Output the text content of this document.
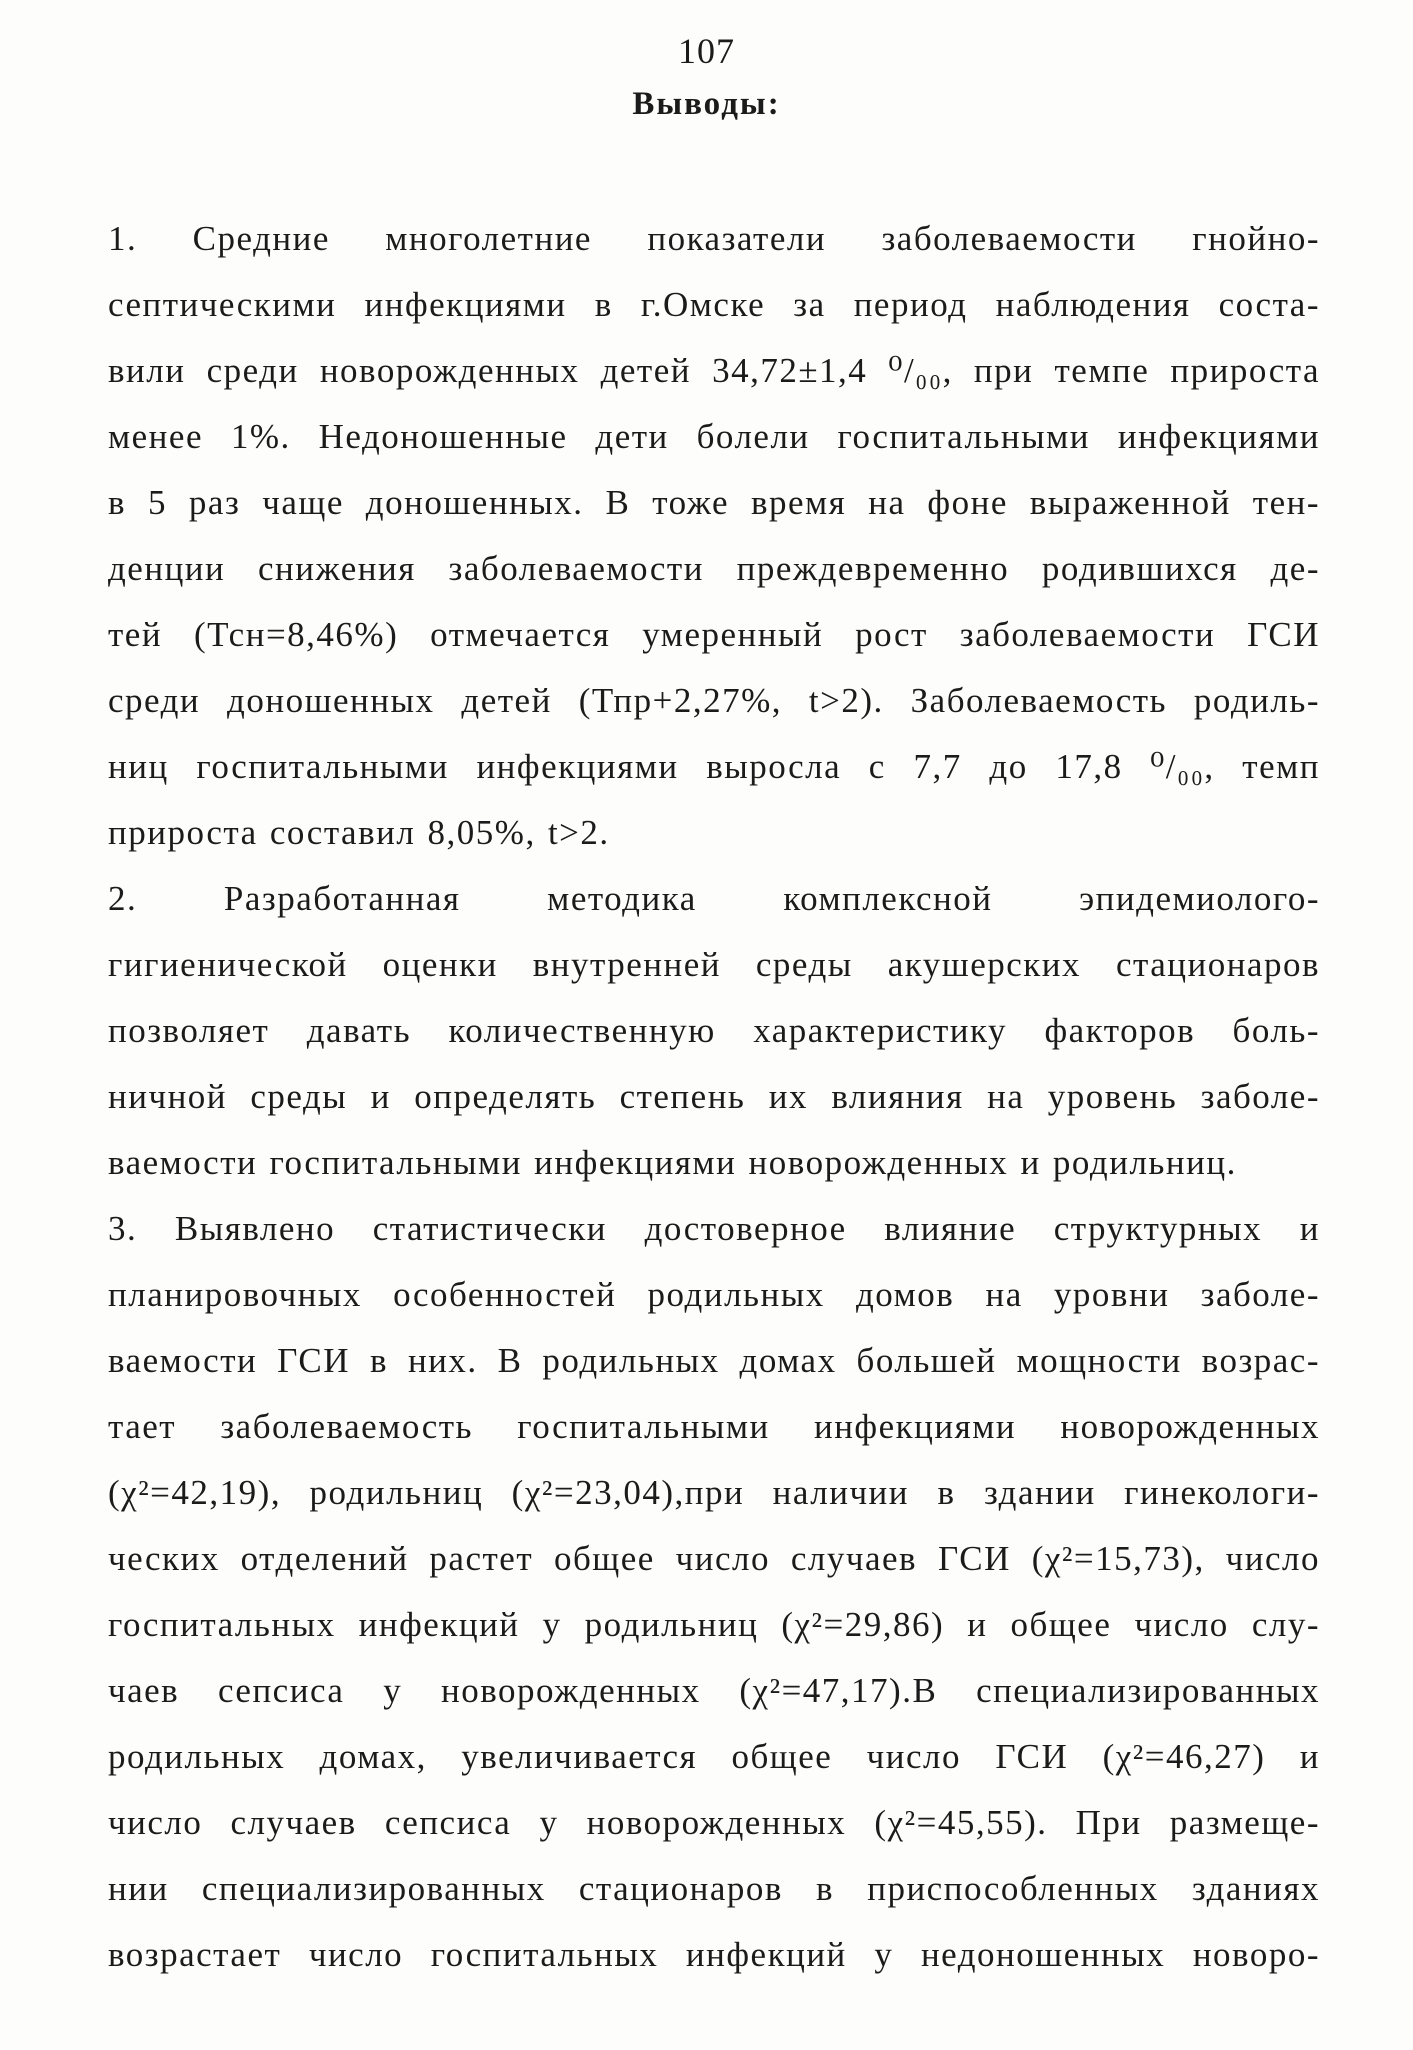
107
Выводы:
1. Средние многолетние показатели заболеваемости гнойно-
септическими инфекциями в г.Омске за период наблюдения соста-
вили среди новорожденных детей 34,72±1,4 ⁰/₀₀, при темпе прироста
менее 1%. Недоношенные дети болели госпитальными инфекциями
в 5 раз чаще доношенных. В тоже время на фоне выраженной тен-
денции снижения заболеваемости преждевременно родившихся де-
тей (Тсн=8,46%) отмечается умеренный рост заболеваемости ГСИ
среди доношенных детей (Тпр+2,27%, t>2). Заболеваемость родиль-
ниц госпитальными инфекциями выросла с 7,7 до 17,8 ⁰/₀₀, темп
прироста составил 8,05%, t>2.
2. Разработанная методика комплексной эпидемиолого-
гигиенической оценки внутренней среды акушерских стационаров
позволяет давать количественную характеристику факторов боль-
ничной среды и определять степень их влияния на уровень заболе-
ваемости госпитальными инфекциями новорожденных и родильниц.
3. Выявлено статистически достоверное влияние структурных и
планировочных особенностей родильных домов на уровни заболе-
ваемости ГСИ в них. В родильных домах большей мощности возрас-
тает заболеваемость госпитальными инфекциями новорожденных
(χ²=42,19), родильниц (χ²=23,04),при наличии в здании гинекологи-
ческих отделений растет общее число случаев ГСИ (χ²=15,73), число
госпитальных инфекций у родильниц (χ²=29,86) и общее число слу-
чаев сепсиса у новорожденных (χ²=47,17).В специализированных
родильных домах, увеличивается общее число ГСИ (χ²=46,27) и
число случаев сепсиса у новорожденных (χ²=45,55). При размеще-
нии специализированных стационаров в приспособленных зданиях
возрастает число госпитальных инфекций у недоношенных новоро-
